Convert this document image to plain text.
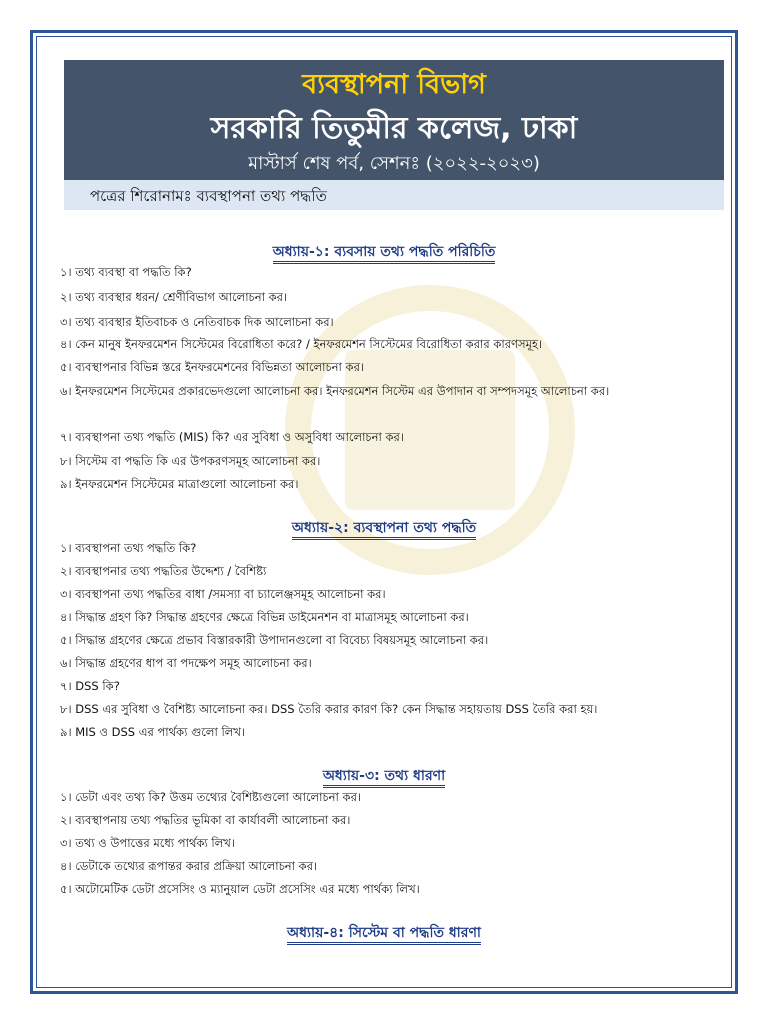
ব্যবস্থাপনা বিভাগ
সরকারি তিতুমীর কলেজ, ঢাকা
মাস্টার্স শেষ পর্ব, সেশনঃ (২০২২-২০২৩)
পত্রের শিরোনামঃ ব্যবস্থাপনা তথ্য পদ্ধতি
অধ্যায়-১: ব্যবসায় তথ্য পদ্ধতি পরিচিতি
১। তথ্য ব্যবস্থা বা পদ্ধতি কি?
২। তথ্য ব্যবস্থার ধরন/ শ্রেণীবিভাগ আলোচনা কর।
৩। তথ্য ব্যবস্থার ইতিবাচক ও নেতিবাচক দিক আলোচনা কর।
৪। কেন মানুষ ইনফরমেশন সিস্টেমের বিরোধিতা করে? / ইনফরমেশন সিস্টেমের বিরোধিতা করার কারণসমূহ।
৫। ব্যবস্থাপনার বিভিন্ন স্তরে ইনফরমেশনের বিভিন্নতা আলোচনা কর।
৬। ইনফরমেশন সিস্টেমের প্রকারভেদগুলো আলোচনা কর। ইনফরমেশন সিস্টেম এর উপাদান বা সম্পদসমূহ আলোচনা কর।
৭। ব্যবস্থাপনা তথ্য পদ্ধতি (MIS) কি? এর সুবিধা ও অসুবিধা আলোচনা কর।
৮। সিস্টেম বা পদ্ধতি কি এর উপকরণসমূহ আলোচনা কর।
৯। ইনফরমেশন সিস্টেমের মাত্রাগুলো আলোচনা কর।
অধ্যায়-২: ব্যবস্থাপনা তথ্য পদ্ধতি
১। ব্যবস্থাপনা তথ্য পদ্ধতি কি?
২। ব্যবস্থাপনার তথ্য পদ্ধতির উদ্দেশ্য / বৈশিষ্ট্য
৩। ব্যবস্থাপনা তথ্য পদ্ধতির বাধা /সমস্যা বা চ্যালেঞ্জসমূহ আলোচনা কর।
৪। সিদ্ধান্ত গ্রহণ কি? সিদ্ধান্ত গ্রহণের ক্ষেত্রে বিভিন্ন ডাইমেনশন বা মাত্রাসমূহ আলোচনা কর।
৫। সিদ্ধান্ত গ্রহণের ক্ষেত্রে প্রভাব বিস্তারকারী উপাদানগুলো বা বিবেচ্য বিষয়সমূহ আলোচনা কর।
৬। সিদ্ধান্ত গ্রহণের ধাপ বা পদক্ষেপ সমূহ আলোচনা কর।
৭। DSS কি?
৮। DSS এর সুবিধা ও বৈশিষ্ট্য আলোচনা কর। DSS তৈরি করার কারণ কি? কেন সিদ্ধান্ত সহায়তায় DSS তৈরি করা হয়।
৯। MIS ও DSS এর পার্থক্য গুলো লিখ।
অধ্যায়-৩: তথ্য ধারণা
১। ডেটা এবং তথ্য কি? উত্তম তথ্যের বৈশিষ্ট্যগুলো আলোচনা কর।
২। ব্যবস্থাপনায় তথ্য পদ্ধতির ভূমিকা বা কার্যাবলী আলোচনা কর।
৩। তথ্য ও উপাত্তের মধ্যে পার্থক্য লিখ।
৪। ডেটাকে তথ্যের রূপান্তর করার প্রক্রিয়া আলোচনা কর।
৫। অটোমেটিক ডেটা প্রসেসিং ও ম্যানুয়াল ডেটা প্রসেসিং এর মধ্যে পার্থক্য লিখ।
অধ্যায়-৪: সিস্টেম বা পদ্ধতি ধারণা
